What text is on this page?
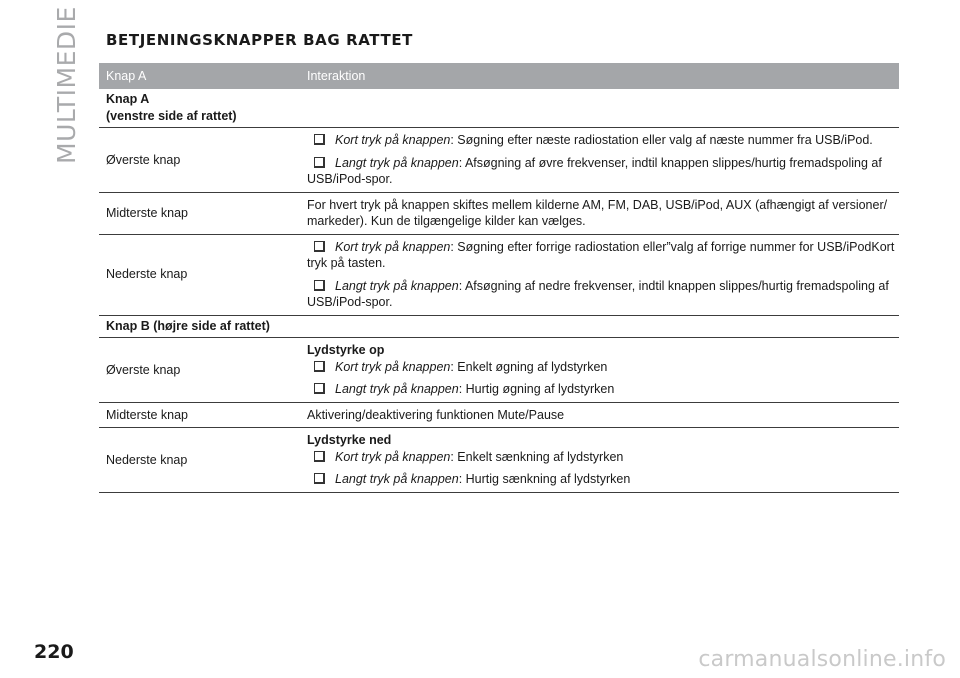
MULTIMEDIE BETJENINGSKNAPPER BAG RATTET
Knap A	Interaktion

Knap A
(venstre side af rattet)	
Øverste knap	Kort tryk på knappen: Søgning efter næste radiostation eller valg af næste nummer fra USB/iPod.
Langt tryk på knappen: Afsøgning af øvre frekvenser, indtil knappen slippes/hurtig fremadspoling af USB/iPod-spor.

Midterste knap	For hvert tryk på knappen skiftes mellem kilderne AM, FM, DAB, USB/iPod, AUX (afhængigt af versioner/ markeder). Kun de tilgængelige kilder kan vælges.
Nederste knap	Kort tryk på knappen: Søgning efter forrige radiostation eller”valg af forrige nummer for USB/iPodKort tryk på tasten.
Langt tryk på knappen: Afsøgning af nedre frekvenser, indtil knappen slippes/hurtig fremadspoling af USB/iPod-spor.

Knap B (højre side af rattet)	
Øverste knap	Lydstyrke op
Kort tryk på knappen: Enkelt øgning af lydstyrken
Langt tryk på knappen: Hurtig øgning af lydstyrken

Midterste knap	Aktivering/deaktivering funktionen Mute/Pause
Nederste knap	Lydstyrke ned
Kort tryk på knappen: Enkelt sænkning af lydstyrken
Langt tryk på knappen: Hurtig sænkning af lydstyrken

220	carmanualsonline.info
